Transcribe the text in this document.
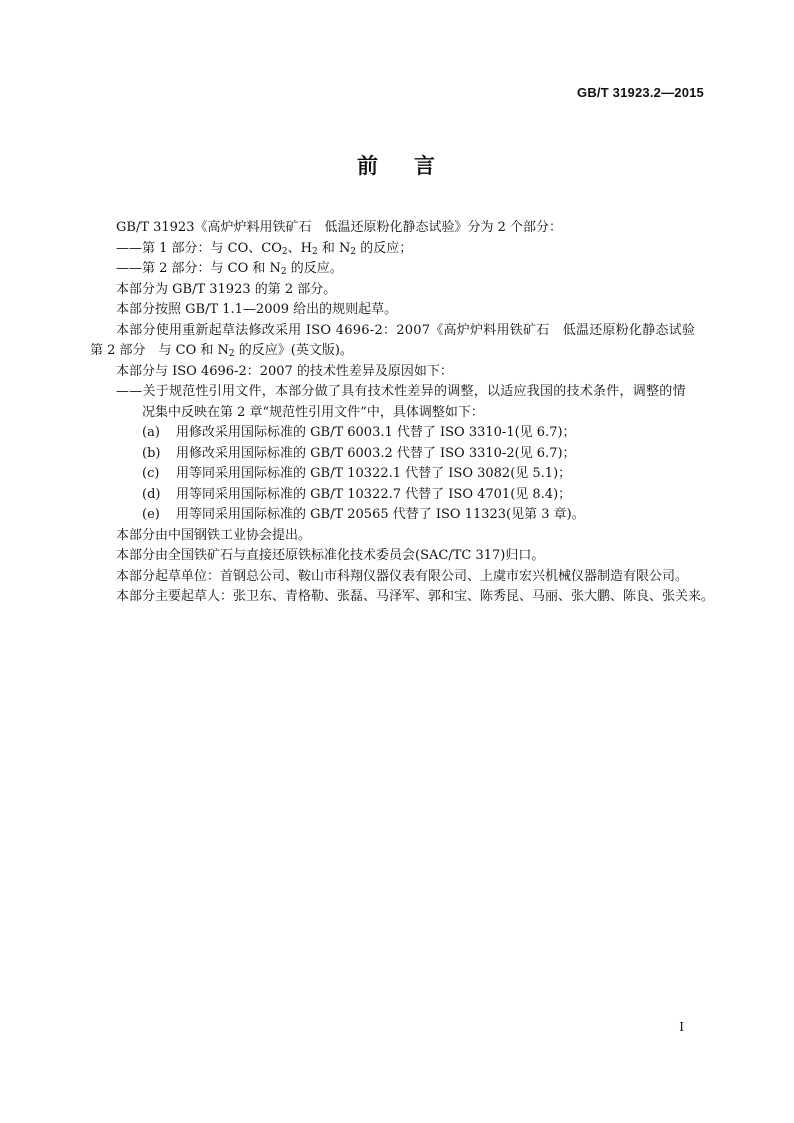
GB/T 31923.2—2015
前 言
GB/T 31923《高炉炉料用铁矿石　低温还原粉化静态试验》分为 2 个部分：
——第 1 部分：与 CO、$CO_2$、$H_2$ 和 $N_2$ 的反应；
——第 2 部分：与 CO 和 $N_2$ 的反应。
本部分为 GB/T 31923 的第 2 部分。
本部分按照 GB/T 1.1—2009 给出的规则起草。
本部分使用重新起草法修改采用 ISO 4696-2：2007《高炉炉料用铁矿石　低温还原粉化静态试验
第 2 部分　与 CO 和 $N_2$ 的反应》(英文版)。
本部分与 ISO 4696-2：2007 的技术性差异及原因如下：
——关于规范性引用文件，本部分做了具有技术性差异的调整，以适应我国的技术条件，调整的情
况集中反映在第 2 章“规范性引用文件”中，具体调整如下：
(a) 用修改采用国际标准的 GB/T 6003.1 代替了 ISO 3310-1(见 6.7)；
(b) 用修改采用国际标准的 GB/T 6003.2 代替了 ISO 3310-2(见 6.7)；
(c) 用等同采用国际标准的 GB/T 10322.1 代替了 ISO 3082(见 5.1)；
(d) 用等同采用国际标准的 GB/T 10322.7 代替了 ISO 4701(见 8.4)；
(e) 用等同采用国际标准的 GB/T 20565 代替了 ISO 11323(见第 3 章)。
本部分由中国钢铁工业协会提出。
本部分由全国铁矿石与直接还原铁标准化技术委员会(SAC/TC 317)归口。
本部分起草单位：首钢总公司、鞍山市科翔仪器仪表有限公司、上虞市宏兴机械仪器制造有限公司。
本部分主要起草人：张卫东、青格勒、张磊、马泽军、郭和宝、陈秀昆、马丽、张大鹏、陈良、张关来。
I
